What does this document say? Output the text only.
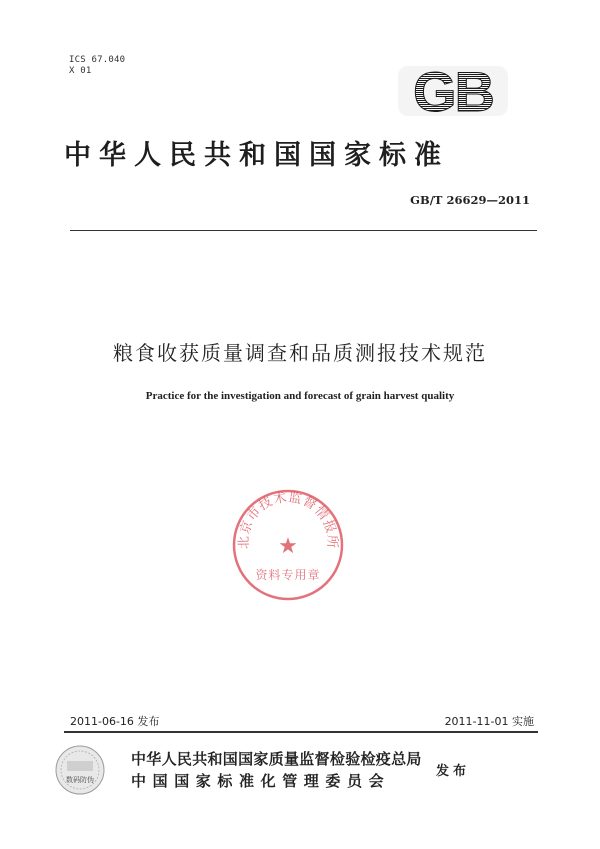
ICS 67.040
X 01	GB
中华人民共和国国家标准
GB/T 26629—2011
粮食收获质量调查和品质测报技术规范
Practice for the investigation and forecast of grain harvest quality
北京市技术监督情报所
★
资料专用章
2011-06-16 发布	2011-11-01 实施
数码防伪
中华人民共和国国家质量监督检验检疫总局
中国国家标准化管理委员会
发布
